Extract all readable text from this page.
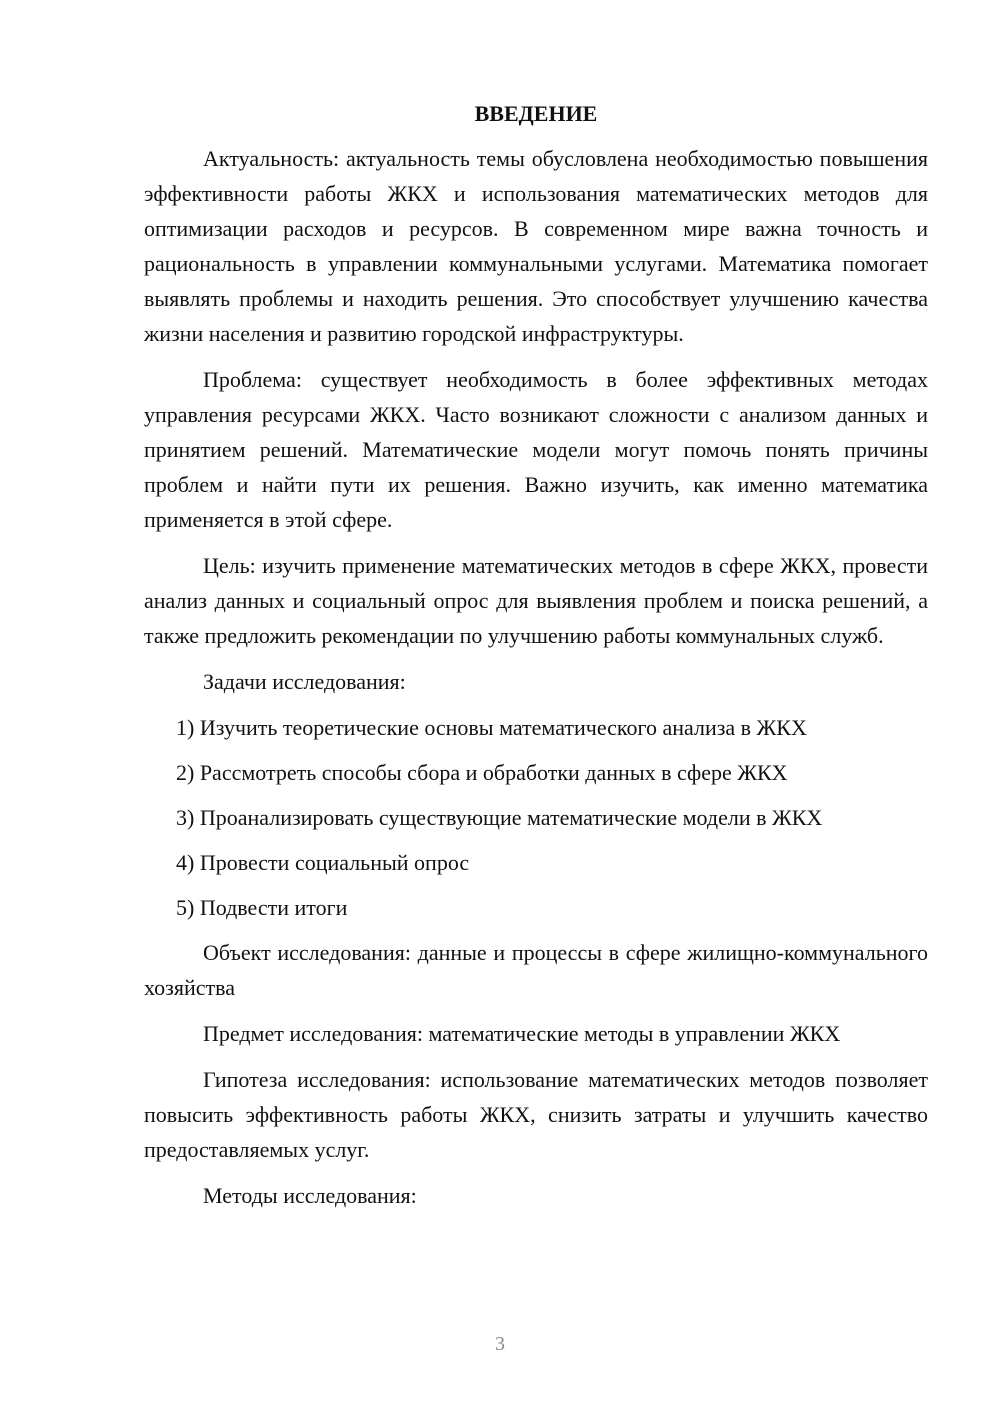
ВВЕДЕНИЕ

Актуальность: актуальность темы обусловлена необходимостью повышения эффективности работы ЖКХ и использования математических методов для оптимизации расходов и ресурсов. В современном мире важна точность и рациональность в управлении коммунальными услугами. Математика помогает выявлять проблемы и находить решения. Это способствует улучшению качества жизни населения и развитию городской инфраструктуры.

Проблема: существует необходимость в более эффективных методах управления ресурсами ЖКХ. Часто возникают сложности с анализом данных и принятием решений. Математические модели могут помочь понять причины проблем и найти пути их решения. Важно изучить, как именно математика применяется в этой сфере.

Цель: изучить применение математических методов в сфере ЖКХ, провести анализ данных и социальный опрос для выявления проблем и поиска решений, а также предложить рекомендации по улучшению работы коммунальных служб.

Задачи исследования:

1) Изучить теоретические основы математического анализа в ЖКХ
2) Рассмотреть способы сбора и обработки данных в сфере ЖКХ
3) Проанализировать существующие математические модели в ЖКХ
4) Провести социальный опрос
5) Подвести итоги

Объект исследования: данные и процессы в сфере жилищно-коммунального хозяйства

Предмет исследования: математические методы в управлении ЖКХ

Гипотеза исследования: использование математических методов позволяет повысить эффективность работы ЖКХ, снизить затраты и улучшить качество предоставляемых услуг.

Методы исследования:

3
